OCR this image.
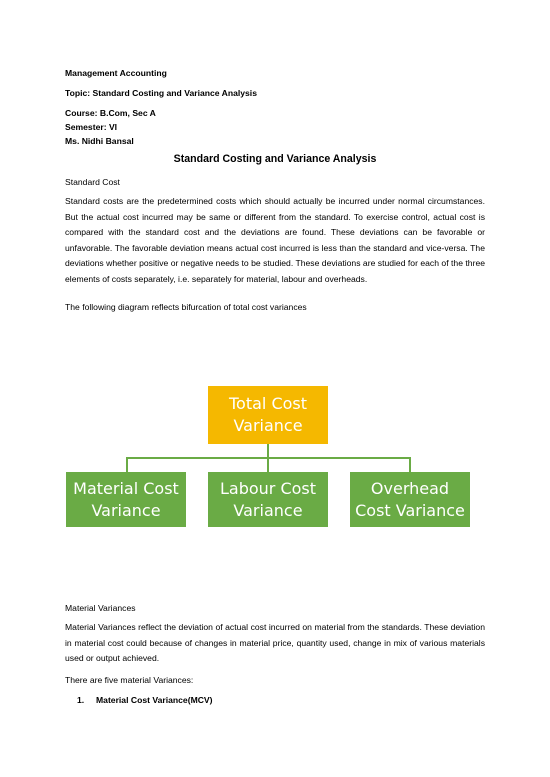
Management Accounting
Topic: Standard Costing and Variance Analysis
Course: B.Com, Sec A
Semester: VI
Ms. Nidhi Bansal
Standard Costing and Variance Analysis
Standard Cost
Standard costs are the predetermined costs which should actually be incurred under normal circumstances. But the actual cost incurred may be same or different from the standard. To exercise control, actual cost is compared with the standard cost and the deviations are found. These deviations can be favorable or unfavorable. The favorable deviation means actual cost incurred is less than the standard and vice-versa. The deviations whether positive or negative needs to be studied. These deviations are studied for each of the three elements of costs separately, i.e. separately for material, labour and overheads.
The following diagram reflects bifurcation of total cost variances
Total Cost
Variance
Material Cost
Variance
Labour Cost
Variance
Overhead
Cost Variance
Material Variances
Material Variances reflect the deviation of actual cost incurred on material from the standards. These deviation in material cost could because of changes in material price, quantity used, change in mix of various materials used or output achieved.
There are five material Variances:
1. Material Cost Variance(MCV)
